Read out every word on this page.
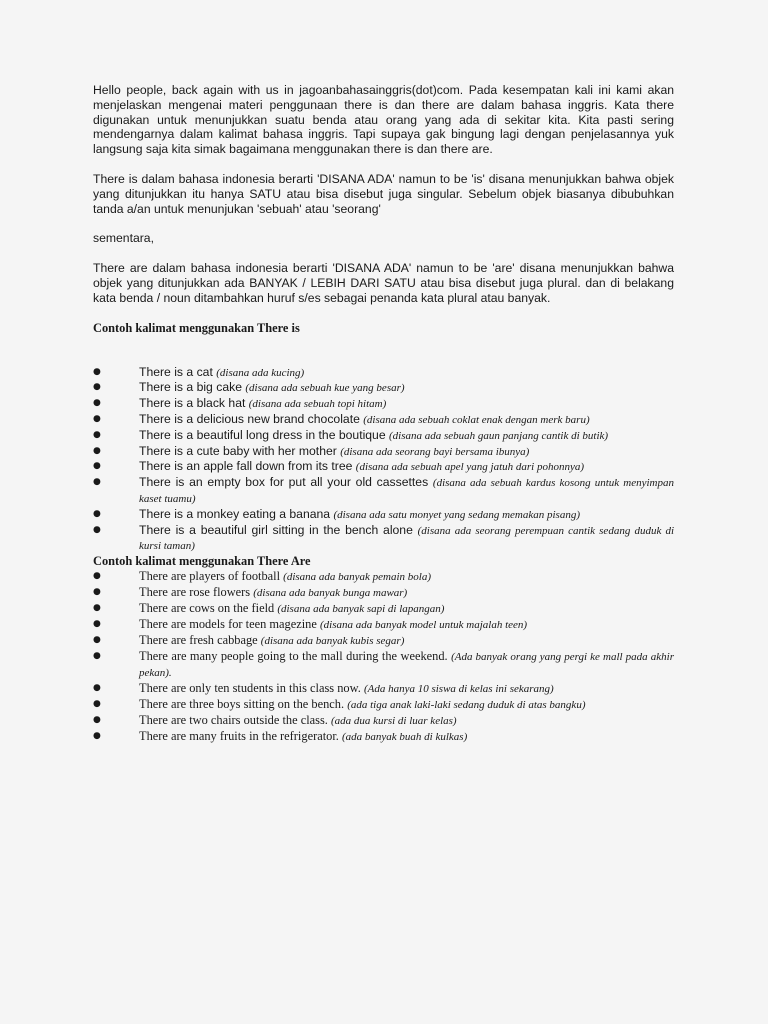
Hello people, back again with us in jagoanbahasainggris(dot)com. Pada kesempatan kali ini kami akan menjelaskan mengenai materi penggunaan there is dan there are dalam bahasa inggris. Kata there digunakan untuk menunjukkan suatu benda atau orang yang ada di sekitar kita. Kita pasti sering mendengarnya dalam kalimat bahasa inggris. Tapi supaya gak bingung lagi dengan penjelasannya yuk langsung saja kita simak bagaimana menggunakan there is dan there are.

There is dalam bahasa indonesia berarti 'DISANA ADA' namun to be 'is' disana menunjukkan bahwa objek yang ditunjukkan itu hanya SATU atau bisa disebut juga singular. Sebelum objek biasanya dibubuhkan tanda a/an untuk menunjukan 'sebuah' atau 'seorang'

sementara,

There are dalam bahasa indonesia berarti 'DISANA ADA' namun to be 'are' disana menunjukkan bahwa objek yang ditunjukkan ada BANYAK / LEBIH DARI SATU atau bisa disebut juga plural. dan di belakang kata benda / noun ditambahkan huruf s/es sebagai penanda kata plural atau banyak.

Contoh kalimat menggunakan There is

●	There is a cat (disana ada kucing)
●	There is a big cake (disana ada sebuah kue yang besar)
●	There is a black hat (disana ada sebuah topi hitam)
●	There is a delicious new brand chocolate (disana ada sebuah coklat enak dengan merk baru)
●	There is a beautiful long dress in the boutique (disana ada sebuah gaun panjang cantik di butik)
●	There is a cute baby with her mother (disana ada seorang bayi bersama ibunya)
●	There is an apple fall down from its tree (disana ada sebuah apel yang jatuh dari pohonnya)
●	There is an empty box for put all your old cassettes (disana ada sebuah kardus kosong untuk menyimpan kaset tuamu)
●	There is a monkey eating a banana (disana ada satu monyet yang sedang memakan pisang)
●	There is a beautiful girl sitting in the bench alone (disana ada seorang perempuan cantik sedang duduk di kursi taman)

Contoh kalimat menggunakan There Are

●	There are players of football (disana ada banyak pemain bola)
●	There are rose flowers (disana ada banyak bunga mawar)
●	There are cows on the field (disana ada banyak sapi di lapangan)
●	There are models for teen magezine (disana ada banyak model untuk majalah teen)
●	There are fresh cabbage (disana ada banyak kubis segar)
●	There are many people going to the mall during the weekend. (Ada banyak orang yang pergi ke mall pada akhir pekan).
●	There are only ten students in this class now. (Ada hanya 10 siswa di kelas ini sekarang)
●	There are three boys sitting on the bench. (ada tiga anak laki-laki sedang duduk di atas bangku)
●	There are two chairs outside the class. (ada dua kursi di luar kelas)
●	There are many fruits in the refrigerator. (ada banyak buah di kulkas)
